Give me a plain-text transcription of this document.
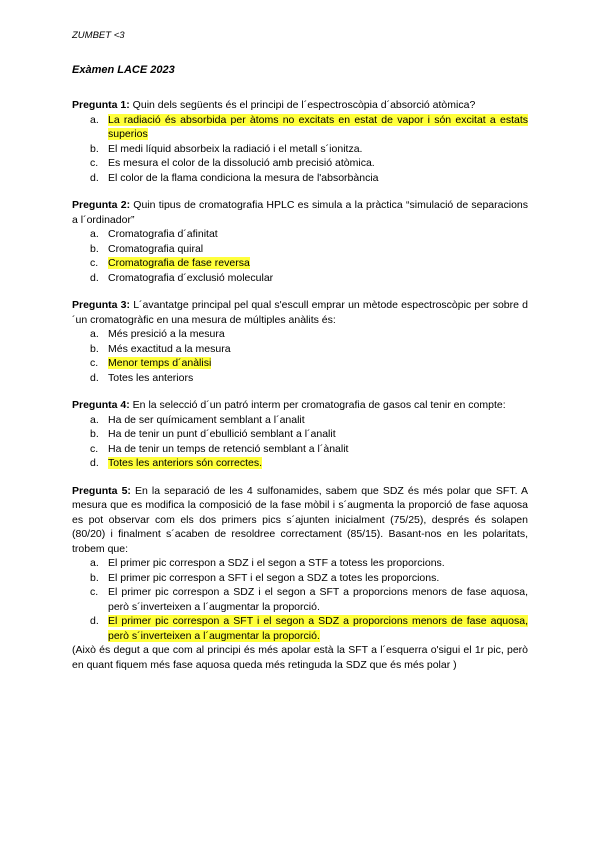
ZUMBET <3
Exàmen LACE 2023
Pregunta 1: Quin dels següents és el principi de l´espectroscòpia d´absorció atòmica?
a. La radiació és absorbida per àtoms no excitats en estat de vapor i són excitat a estats superios
b. El medi líquid absorbeix la radiació i el metall s´ionitza.
c. Es mesura el color de la dissolució amb precisió atòmica.
d. El color de la flama condiciona la mesura de l'absorbància
Pregunta 2: Quin tipus de cromatografia HPLC es simula a la pràctica “simulació de separacions a l´ordinador”
a. Cromatografia d´afinitat
b. Cromatografia quiral
c. Cromatografia de fase reversa
d. Cromatografia d´exclusió molecular
Pregunta 3: L´avantatge principal pel qual s'escull emprar un mètode espectroscòpic per sobre d´un cromatogràfic en una mesura de múltiples anàlits és:
a. Més presició a la mesura
b. Més exactitud a la mesura
c. Menor temps d´anàlisi
d. Totes les anteriors
Pregunta 4: En la selecció d´un patró interm per cromatografia de gasos cal tenir en compte:
a. Ha de ser químicament semblant a l´analit
b. Ha de tenir un punt d´ebullició semblant a l´analit
c. Ha de tenir un temps de retenció semblant a l´ànalit
d. Totes les anteriors són correctes.
Pregunta 5: En la separació de les 4 sulfonamides, sabem que SDZ és més polar que SFT. A mesura que es modifica la composició de la fase mòbil i s´augmenta la proporció de fase aquosa es pot observar com els dos primers pics s´ajunten inicialment (75/25), després és solapen (80/20) i finalment s´acaben de resoldree correctament (85/15). Basant-nos en les polaritats, trobem que:
a. El primer pic correspon a SDZ i el segon a STF a totess les proporcions.
b. El primer pic correspon a SFT i el segon a SDZ a totes les proporcions.
c. El primer pic correspon a SDZ i el segon a SFT a proporcions menors de fase aquosa, però s´inverteixen a l´augmentar la proporció.
d. El primer pic correspon a SFT i el segon a SDZ a proporcions menors de fase aquosa, però s´inverteixen a l´augmentar la proporció.
(Això és degut a que com al principi és més apolar està la SFT a l´esquerra o'sigui el 1r pic, però en quant fiquem més fase aquosa queda més retinguda la SDZ que és més polar )
